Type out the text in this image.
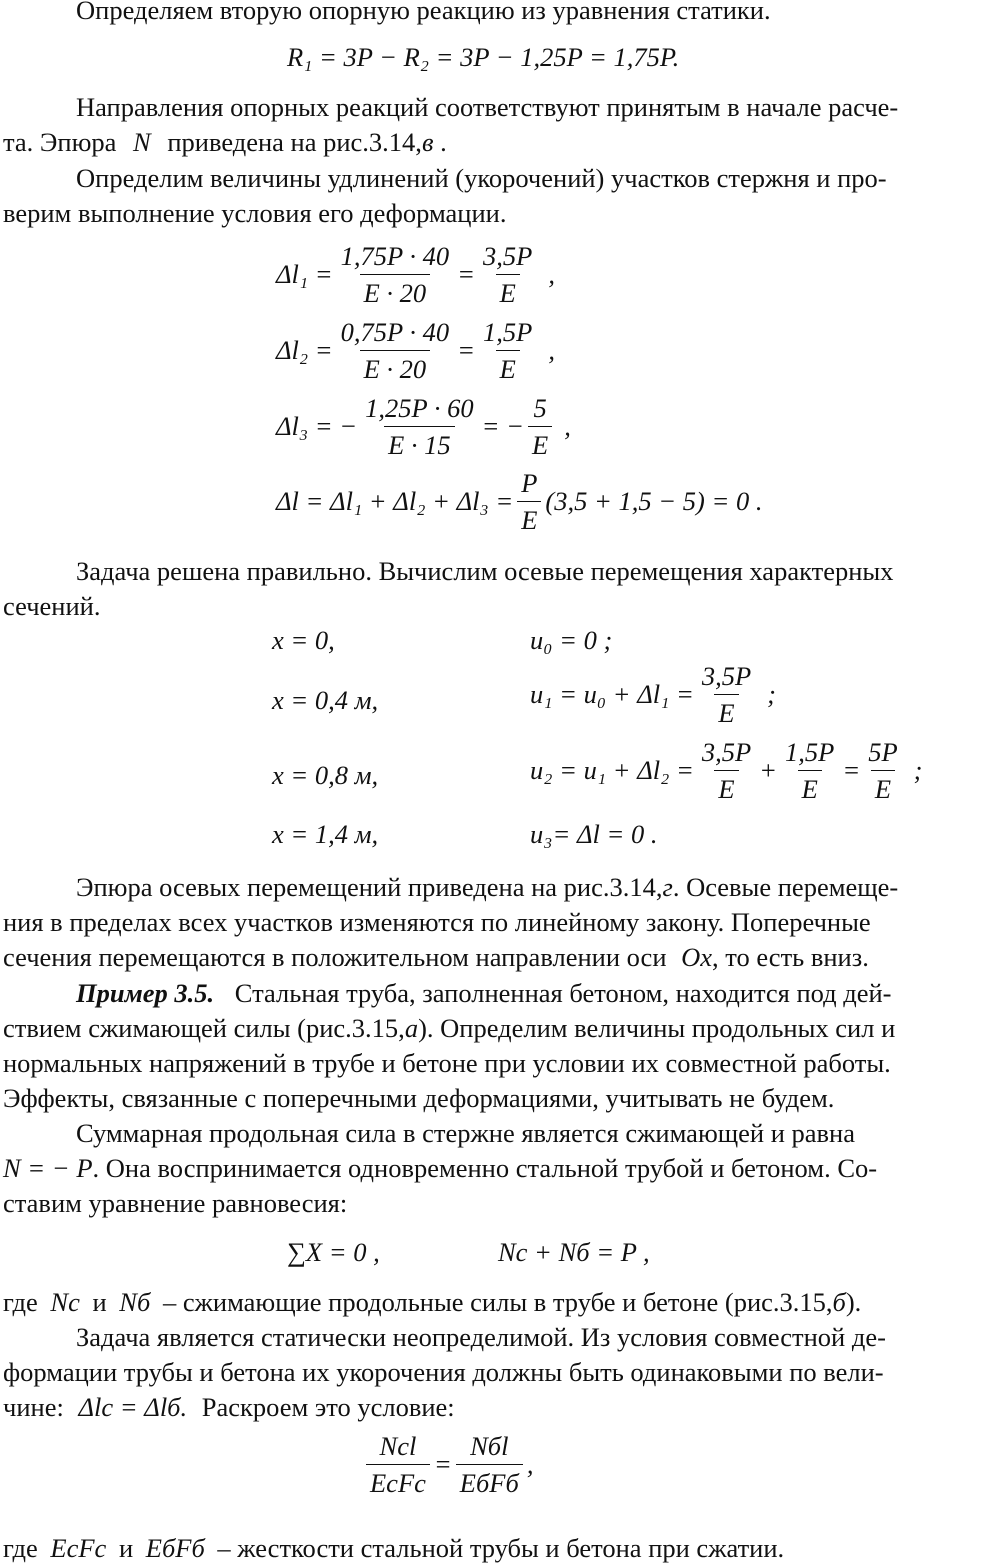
Определяем вторую опорную реакцию из уравнения статики.
R₁ = 3P − R₂ = 3P − 1,25P = 1,75P.
Направления опорных реакций соответствуют принятым в начале расче-
та. Эпюра N приведена на рис.3.14,в .
Определим величины удлинений (укорочений) участков стержня и про-
верим выполнение условия его деформации.
$\Delta l_1 = \frac{1,75P \cdot 40}{E \cdot 20} = \frac{3,5P}{E}$ ,
$\Delta l_2 = \frac{0,75P \cdot 40}{E \cdot 20} = \frac{1,5P}{E}$ ,
Δl₃ = − $\frac{1,25P \cdot 60}{E \cdot 15}$ = − $\frac{5}{E}$ ,
$\Delta l = \Delta l_1 + \Delta l_2 + \Delta l_3 = \frac{P}{E} (3,5 + 1,5 - 5) = 0$ .
Задача решена правильно. Вычислим осевые перемещения характерных
сечений.
x = 0,	u₀ = 0 ;
x = 0,4 м,	$u_1 = u_0 + \Delta l_1 = \frac{3,5P}{E}$ ;
x = 0,8 м,	$u_2 = u_1 + \Delta l_2 = \frac{3,5P}{E} + \frac{1,5P}{E} = \frac{5P}{E}$ ;
x = 1,4 м,	u₃= Δl = 0 .
Эпюра осевых перемещений приведена на рис.3.14,г. Осевые перемеще-
ния в пределах всех участков изменяются по линейному закону. Поперечные
сечения перемещаются в положительном направлении оси Ox, то есть вниз.
Пример 3.5. Стальная труба, заполненная бетоном, находится под дей-
ствием сжимающей силы (рис.3.15,а). Определим величины продольных сил и
нормальных напряжений в трубе и бетоне при условии их совместной работы.
Эффекты, связанные с поперечными деформациями, учитывать не будем.
Суммарная продольная сила в стержне является сжимающей и равна
N = − P. Она воспринимается одновременно стальной трубой и бетоном. Со-
ставим уравнение равновесия:
∑X = 0 ,	Nс + Nб = P ,
где Nс и Nб – сжимающие продольные силы в трубе и бетоне (рис.3.15,б).
Задача является статически неопределимой. Из условия совместной де-
формации трубы и бетона их укорочения должны быть одинаковыми по вели-
чине: Δlс = Δlб. Раскроем это условие:
$\frac{\text{Nсl}}{\text{EсFс}} = \frac{\text{Nбl}}{\text{EбFб}}$ ,
где EсFс и EбFб – жесткости стальной трубы и бетона при сжатии.
